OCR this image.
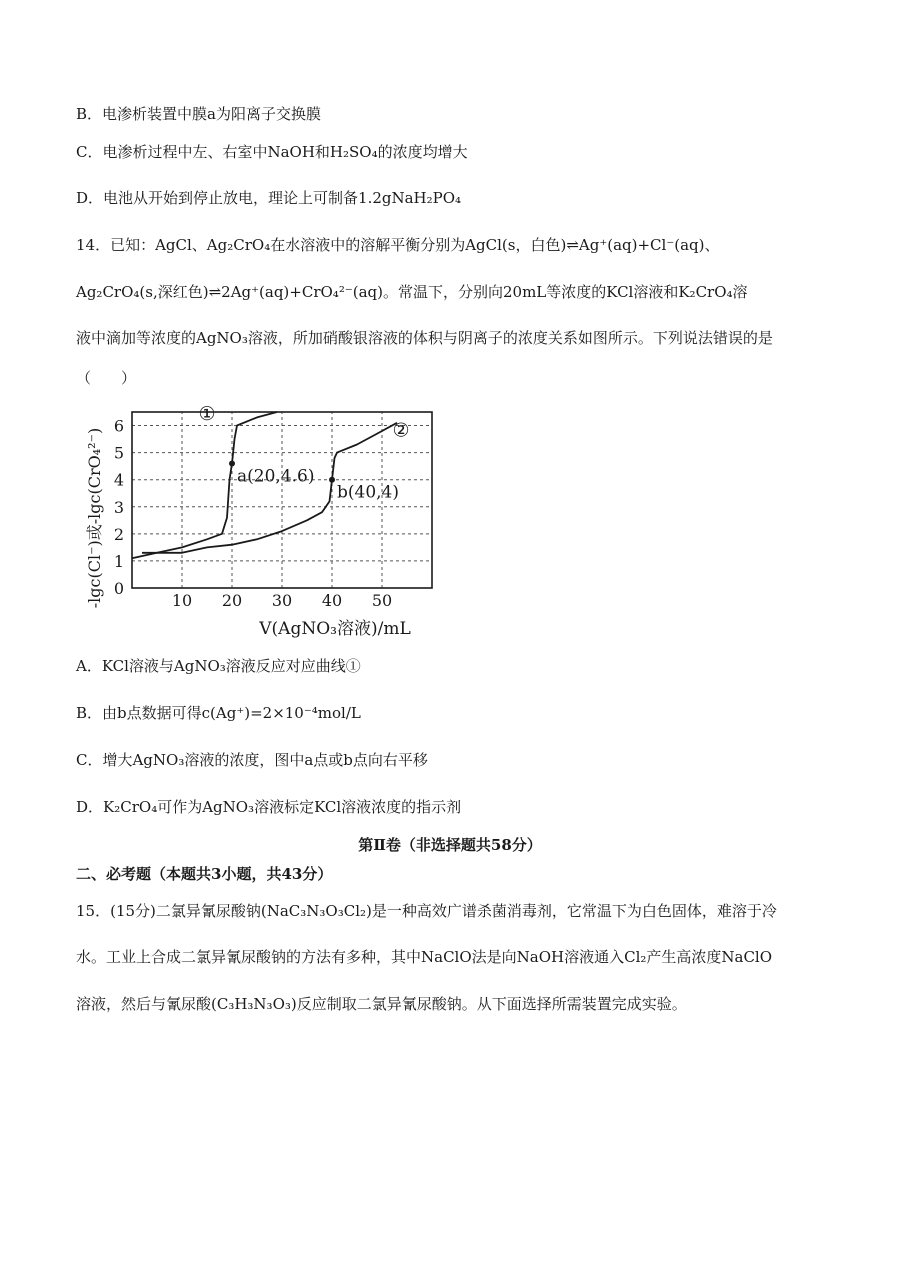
B．电渗析装置中膜a为阳离子交换膜
C．电渗析过程中左、右室中NaOH和H₂SO₄的浓度均增大
D．电池从开始到停止放电，理论上可制备1.2gNaH₂PO₄
14．已知：AgCl、Ag₂CrO₄在水溶液中的溶解平衡分别为AgCl(s，白色)⇌Ag⁺(aq)+Cl⁻(aq)、
Ag₂CrO₄(s,深红色)⇌2Ag⁺(aq)+CrO₄²⁻(aq)。常温下，分别向20mL等浓度的KCl溶液和K₂CrO₄溶
液中滴加等浓度的AgNO₃溶液，所加硝酸银溶液的体积与阴离子的浓度关系如图所示。下列说法错误的是
（　　）
0
1
2
3
4
5
6
10 20 30 40 50
①
②
a(20,4.6)
b(40,4)
-lgc(Cl⁻)或-lgc(CrO₄²⁻)
V(AgNO₃溶液)/mL
A．KCl溶液与AgNO₃溶液反应对应曲线①
B．由b点数据可得c(Ag⁺)=2×10⁻⁴mol/L
C．增大AgNO₃溶液的浓度，图中a点或b点向右平移
D．K₂CrO₄可作为AgNO₃溶液标定KCl溶液浓度的指示剂
第Ⅱ卷（非选择题共58分）
二、必考题（本题共3小题，共43分）
15．(15分)二氯异氰尿酸钠(NaC₃N₃O₃Cl₂)是一种高效广谱杀菌消毒剂，它常温下为白色固体，难溶于冷
水。工业上合成二氯异氰尿酸钠的方法有多种，其中NaClO法是向NaOH溶液通入Cl₂产生高浓度NaClO
溶液，然后与氰尿酸(C₃H₃N₃O₃)反应制取二氯异氰尿酸钠。从下面选择所需装置完成实验。
